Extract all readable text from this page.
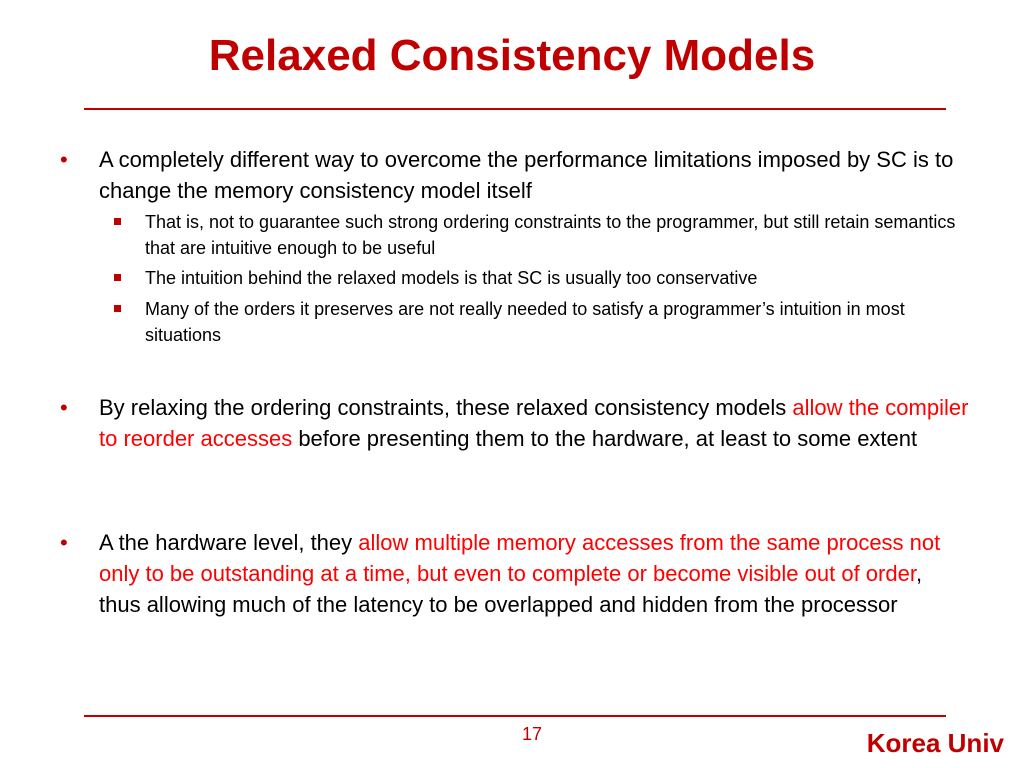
Relaxed Consistency Models
•	A completely different way to overcome the performance limitations imposed by SC is to change the memory consistency model itself
That is, not to guarantee such strong ordering constraints to the programmer, but still retain semantics that are intuitive enough to be useful
The intuition behind the relaxed models is that SC is usually too conservative
Many of the orders it preserves are not really needed to satisfy a programmer’s intuition in most situations
•	By relaxing the ordering constraints, these relaxed consistency models allow the compiler to reorder accesses before presenting them to the hardware, at least to some extent
•	A the hardware level, they allow multiple memory accesses from the same process not only to be outstanding at a time, but even to complete or become visible out of order, thus allowing much of the latency to be overlapped and hidden from the processor
17	Korea Univ
